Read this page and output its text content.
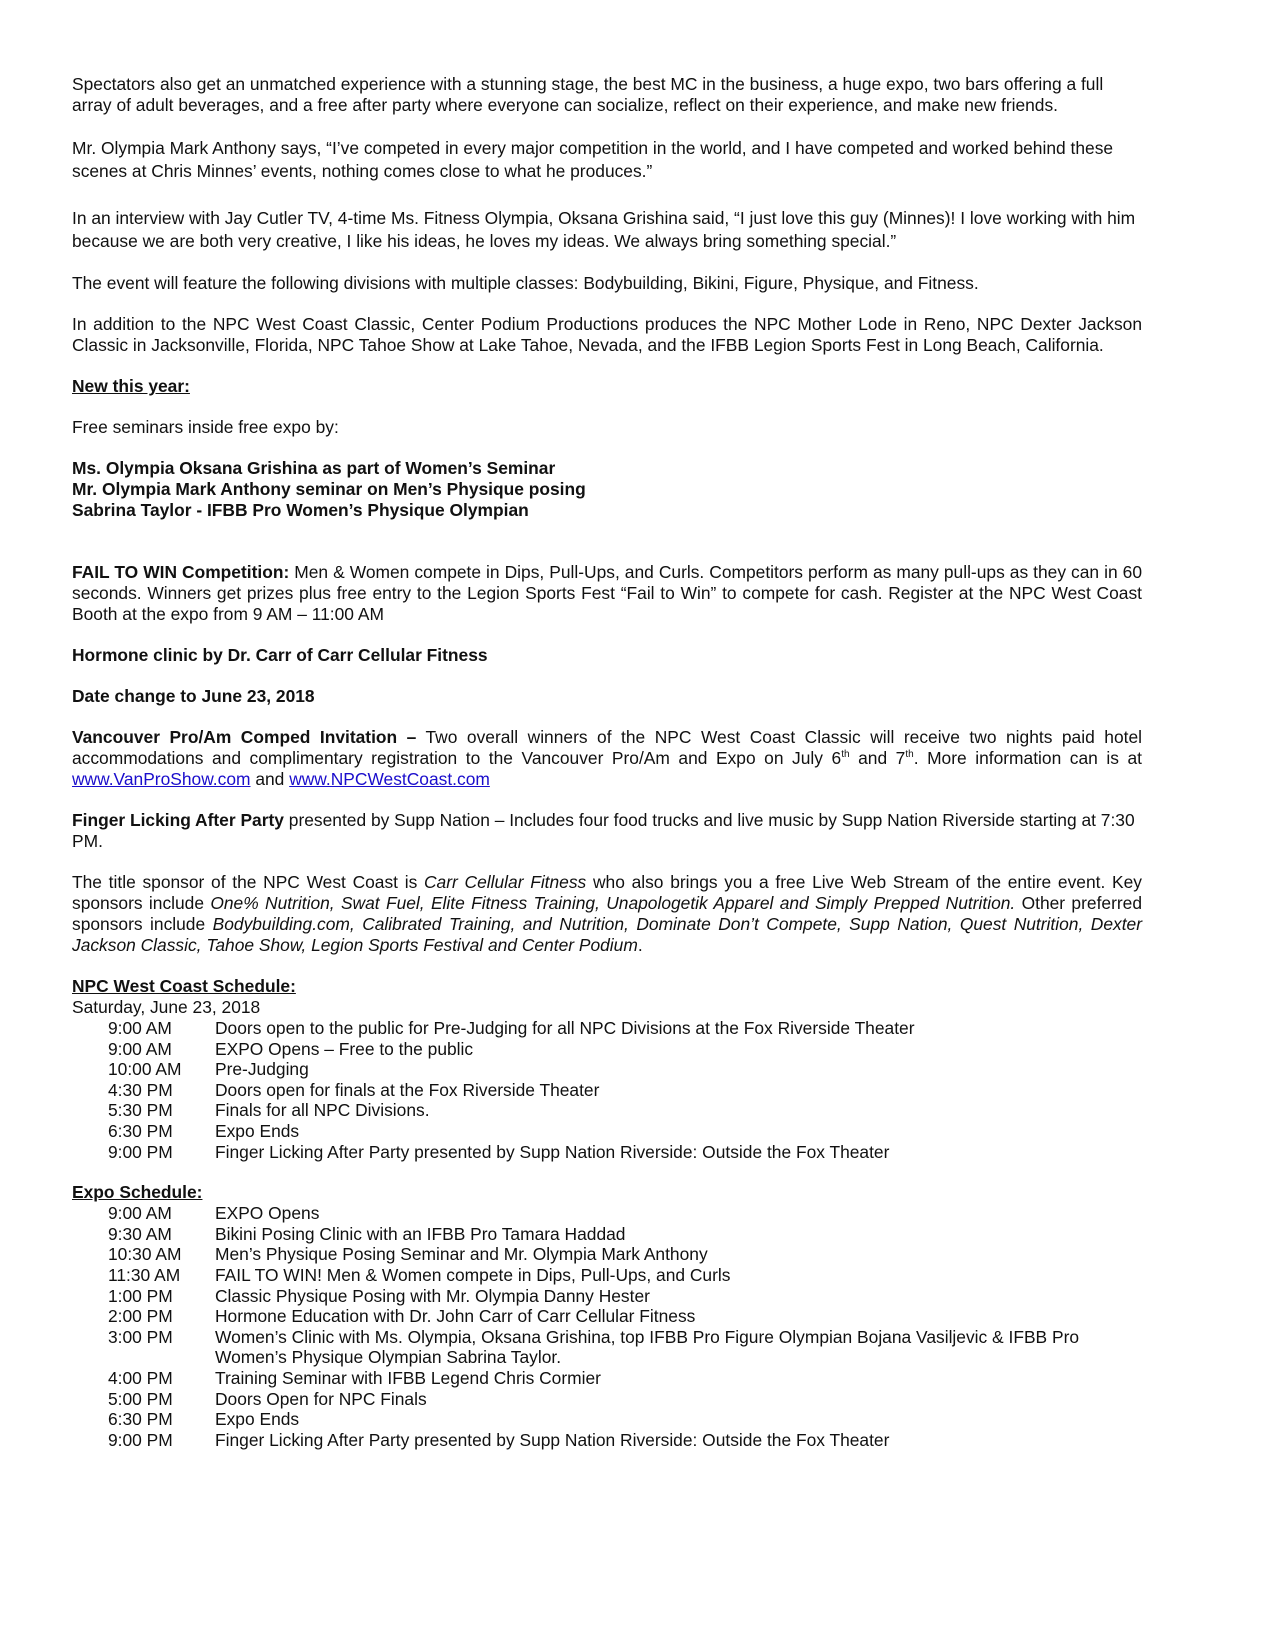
Spectators also get an unmatched experience with a stunning stage, the best MC in the business, a huge expo, two bars offering a full array of adult beverages, and a free after party where everyone can socialize, reflect on their experience, and make new friends.

Mr. Olympia Mark Anthony says, “I’ve competed in every major competition in the world, and I have competed and worked behind these scenes at Chris Minnes’ events, nothing comes close to what he produces.”

In an interview with Jay Cutler TV, 4-time Ms. Fitness Olympia, Oksana Grishina said, “I just love this guy (Minnes)! I love working with him because we are both very creative, I like his ideas, he loves my ideas. We always bring something special.”

The event will feature the following divisions with multiple classes: Bodybuilding, Bikini, Figure, Physique, and Fitness.

In addition to the NPC West Coast Classic, Center Podium Productions produces the NPC Mother Lode in Reno, NPC Dexter Jackson Classic in Jacksonville, Florida, NPC Tahoe Show at Lake Tahoe, Nevada, and the IFBB Legion Sports Fest in Long Beach, California.

New this year:

Free seminars inside free expo by:

Ms. Olympia Oksana Grishina as part of Women’s Seminar

Mr. Olympia Mark Anthony seminar on Men’s Physique posing

Sabrina Taylor - IFBB Pro Women’s Physique Olympian

FAIL TO WIN Competition: Men & Women compete in Dips, Pull-Ups, and Curls. Competitors perform as many pull-ups as they can in 60 seconds. Winners get prizes plus free entry to the Legion Sports Fest “Fail to Win” to compete for cash. Register at the NPC West Coast Booth at the expo from 9 AM – 11:00 AM

Hormone clinic by Dr. Carr of Carr Cellular Fitness

Date change to June 23, 2018

Vancouver Pro/Am Comped Invitation – Two overall winners of the NPC West Coast Classic will receive two nights paid hotel accommodations and complimentary registration to the Vancouver Pro/Am and Expo on July 6th and 7th. More information can is at www.VanProShow.com and www.NPCWestCoast.com

Finger Licking After Party presented by Supp Nation – Includes four food trucks and live music by Supp Nation Riverside starting at 7:30 PM.

The title sponsor of the NPC West Coast is Carr Cellular Fitness who also brings you a free Live Web Stream of the entire event. Key sponsors include One% Nutrition, Swat Fuel, Elite Fitness Training, Unapologetik Apparel and Simply Prepped Nutrition. Other preferred sponsors include Bodybuilding.com, Calibrated Training, and Nutrition, Dominate Don’t Compete, Supp Nation, Quest Nutrition, Dexter Jackson Classic, Tahoe Show, Legion Sports Festival and Center Podium.

NPC West Coast Schedule:

Saturday, June 23, 2018

9:00 AM	Doors open to the public for Pre-Judging for all NPC Divisions at the Fox Riverside Theater
9:00 AM	EXPO Opens – Free to the public
10:00 AM	Pre-Judging
4:30 PM	Doors open for finals at the Fox Riverside Theater
5:30 PM	Finals for all NPC Divisions.
6:30 PM	Expo Ends
9:00 PM	Finger Licking After Party presented by Supp Nation Riverside: Outside the Fox Theater

Expo Schedule:

9:00 AM	EXPO Opens
9:30 AM	Bikini Posing Clinic with an IFBB Pro Tamara Haddad
10:30 AM	Men’s Physique Posing Seminar and Mr. Olympia Mark Anthony
11:30 AM	FAIL TO WIN! Men & Women compete in Dips, Pull-Ups, and Curls
1:00 PM	Classic Physique Posing with Mr. Olympia Danny Hester
2:00 PM	Hormone Education with Dr. John Carr of Carr Cellular Fitness
3:00 PM	Women’s Clinic with Ms. Olympia, Oksana Grishina, top IFBB Pro Figure Olympian Bojana Vasiljevic & IFBB Pro Women’s Physique Olympian Sabrina Taylor.
4:00 PM	Training Seminar with IFBB Legend Chris Cormier
5:00 PM	Doors Open for NPC Finals
6:30 PM	Expo Ends
9:00 PM	Finger Licking After Party presented by Supp Nation Riverside: Outside the Fox Theater
